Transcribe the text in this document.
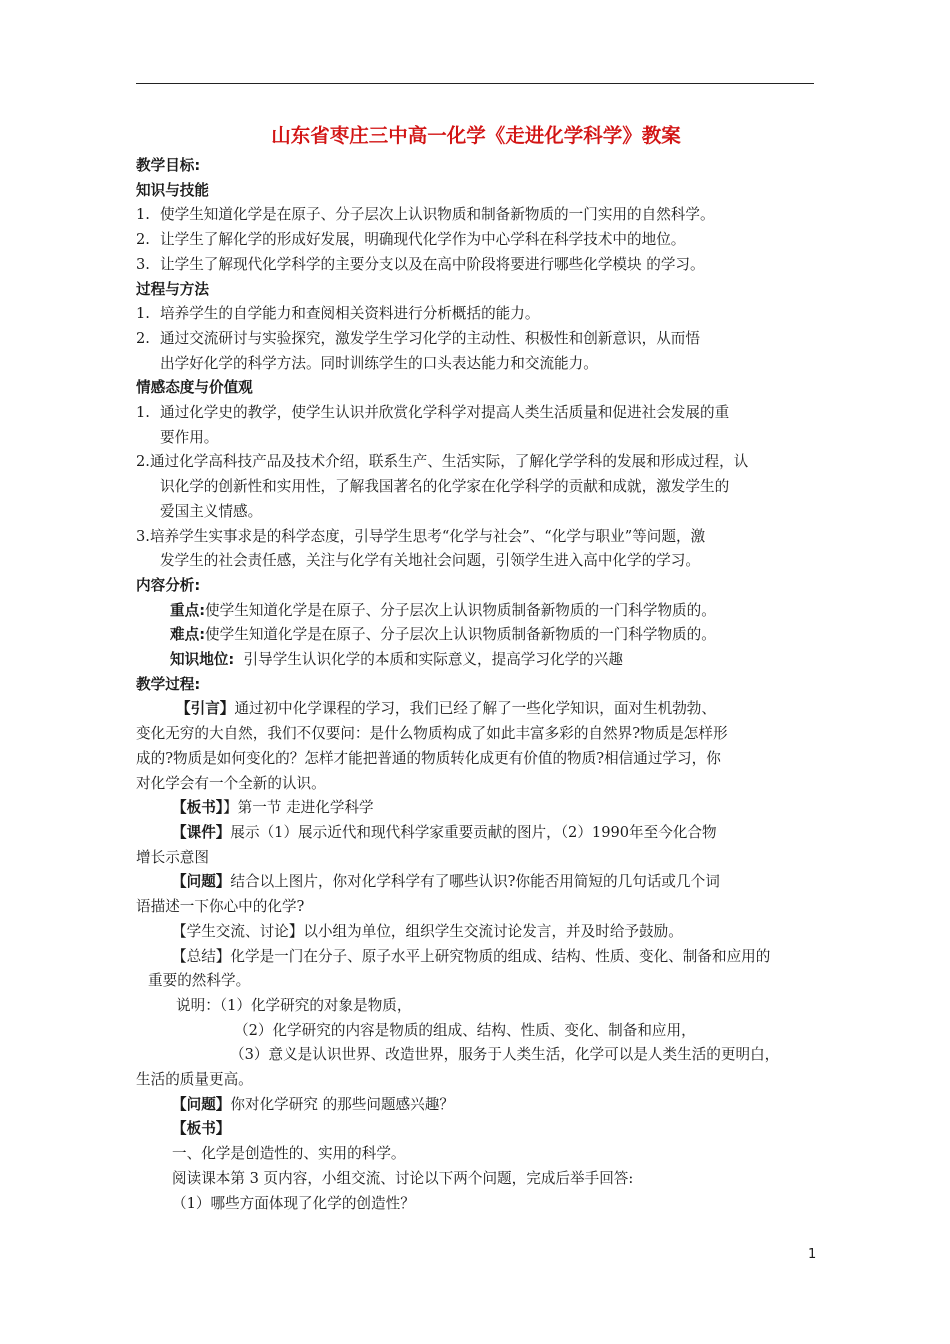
山东省枣庄三中高一化学《走进化学科学》教案
教学目标:
知识与技能
1. 使学生知道化学是在原子、分子层次上认识物质和制备新物质的一门实用的自然科学。
2. 让学生了解化学的形成好发展，明确现代化学作为中心学科在科学技术中的地位。
3. 让学生了解现代化学科学的主要分支以及在高中阶段将要进行哪些化学模块 的学习。
过程与方法
1. 培养学生的自学能力和查阅相关资料进行分析概括的能力。
2. 通过交流研讨与实验探究，激发学生学习化学的主动性、积极性和创新意识，从而悟
出学好化学的科学方法。同时训练学生的口头表达能力和交流能力。
情感态度与价值观
1. 通过化学史的教学，使学生认识并欣赏化学科学对提高人类生活质量和促进社会发展的重
要作用。
2.通过化学高科技产品及技术介绍，联系生产、生活实际，了解化学学科的发展和形成过程，认
识化学的创新性和实用性，了解我国著名的化学家在化学科学的贡献和成就，激发学生的
爱国主义情感。
3.培养学生实事求是的科学态度，引导学生思考“化学与社会”、“化学与职业”等问题，激
发学生的社会责任感，关注与化学有关地社会问题，引领学生进入高中化学的学习。
内容分析:
重点:使学生知道化学是在原子、分子层次上认识物质制备新物质的一门科学物质的。
难点:使学生知道化学是在原子、分子层次上认识物质制备新物质的一门科学物质的。
知识地位: 引导学生认识化学的本质和实际意义，提高学习化学的兴趣
教学过程:
【引言】通过初中化学课程的学习，我们已经了解了一些化学知识，面对生机勃勃、
变化无穷的大自然，我们不仅要问：是什么物质构成了如此丰富多彩的自然界?物质是怎样形
成的?物质是如何变化的？怎样才能把普通的物质转化成更有价值的物质?相信通过学习，你
对化学会有一个全新的认识。
【板书】】第一节 走进化学科学
【课件】展示（1）展示近代和现代科学家重要贡献的图片，（2）1990年至今化合物
增长示意图
【问题】结合以上图片，你对化学科学有了哪些认识?你能否用简短的几句话或几个词
语描述一下你心中的化学?
【学生交流、讨论】以小组为单位，组织学生交流讨论发言，并及时给予鼓励。
【总结】化学是一门在分子、原子水平上研究物质的组成、结构、性质、变化、制备和应用的
重要的然科学。
说明：（1）化学研究的对象是物质，
（2）化学研究的内容是物质的组成、结构、性质、变化、制备和应用，
（3）意义是认识世界、改造世界，服务于人类生活，化学可以是人类生活的更明白，
生活的质量更高。
【问题】你对化学研究 的那些问题感兴趣？
【板书】
一、化学是创造性的、实用的科学。
阅读课本第 3 页内容，小组交流、讨论以下两个问题，完成后举手回答:
（1）哪些方面体现了化学的创造性？
1
